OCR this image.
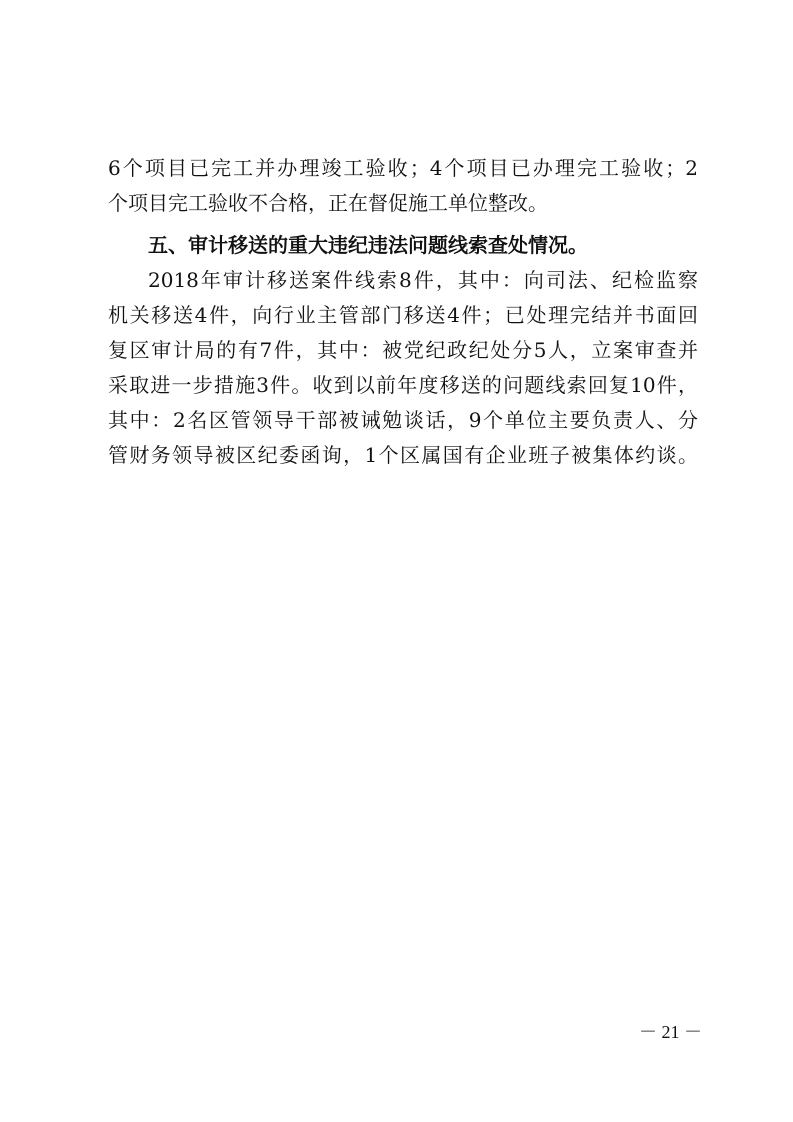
6个项目已完工并办理竣工验收；4个项目已办理完工验收；2
个项目完工验收不合格，正在督促施工单位整改。
五、审计移送的重大违纪违法问题线索查处情况。
2018年审计移送案件线索8件，其中：向司法、纪检监察
机关移送4件，向行业主管部门移送4件；已处理完结并书面回
复区审计局的有7件，其中：被党纪政纪处分5人，立案审查并
采取进一步措施3件。收到以前年度移送的问题线索回复10件，
其中：2名区管领导干部被诫勉谈话，9个单位主要负责人、分
管财务领导被区纪委函询，1个区属国有企业班子被集体约谈。
－ 21 －
